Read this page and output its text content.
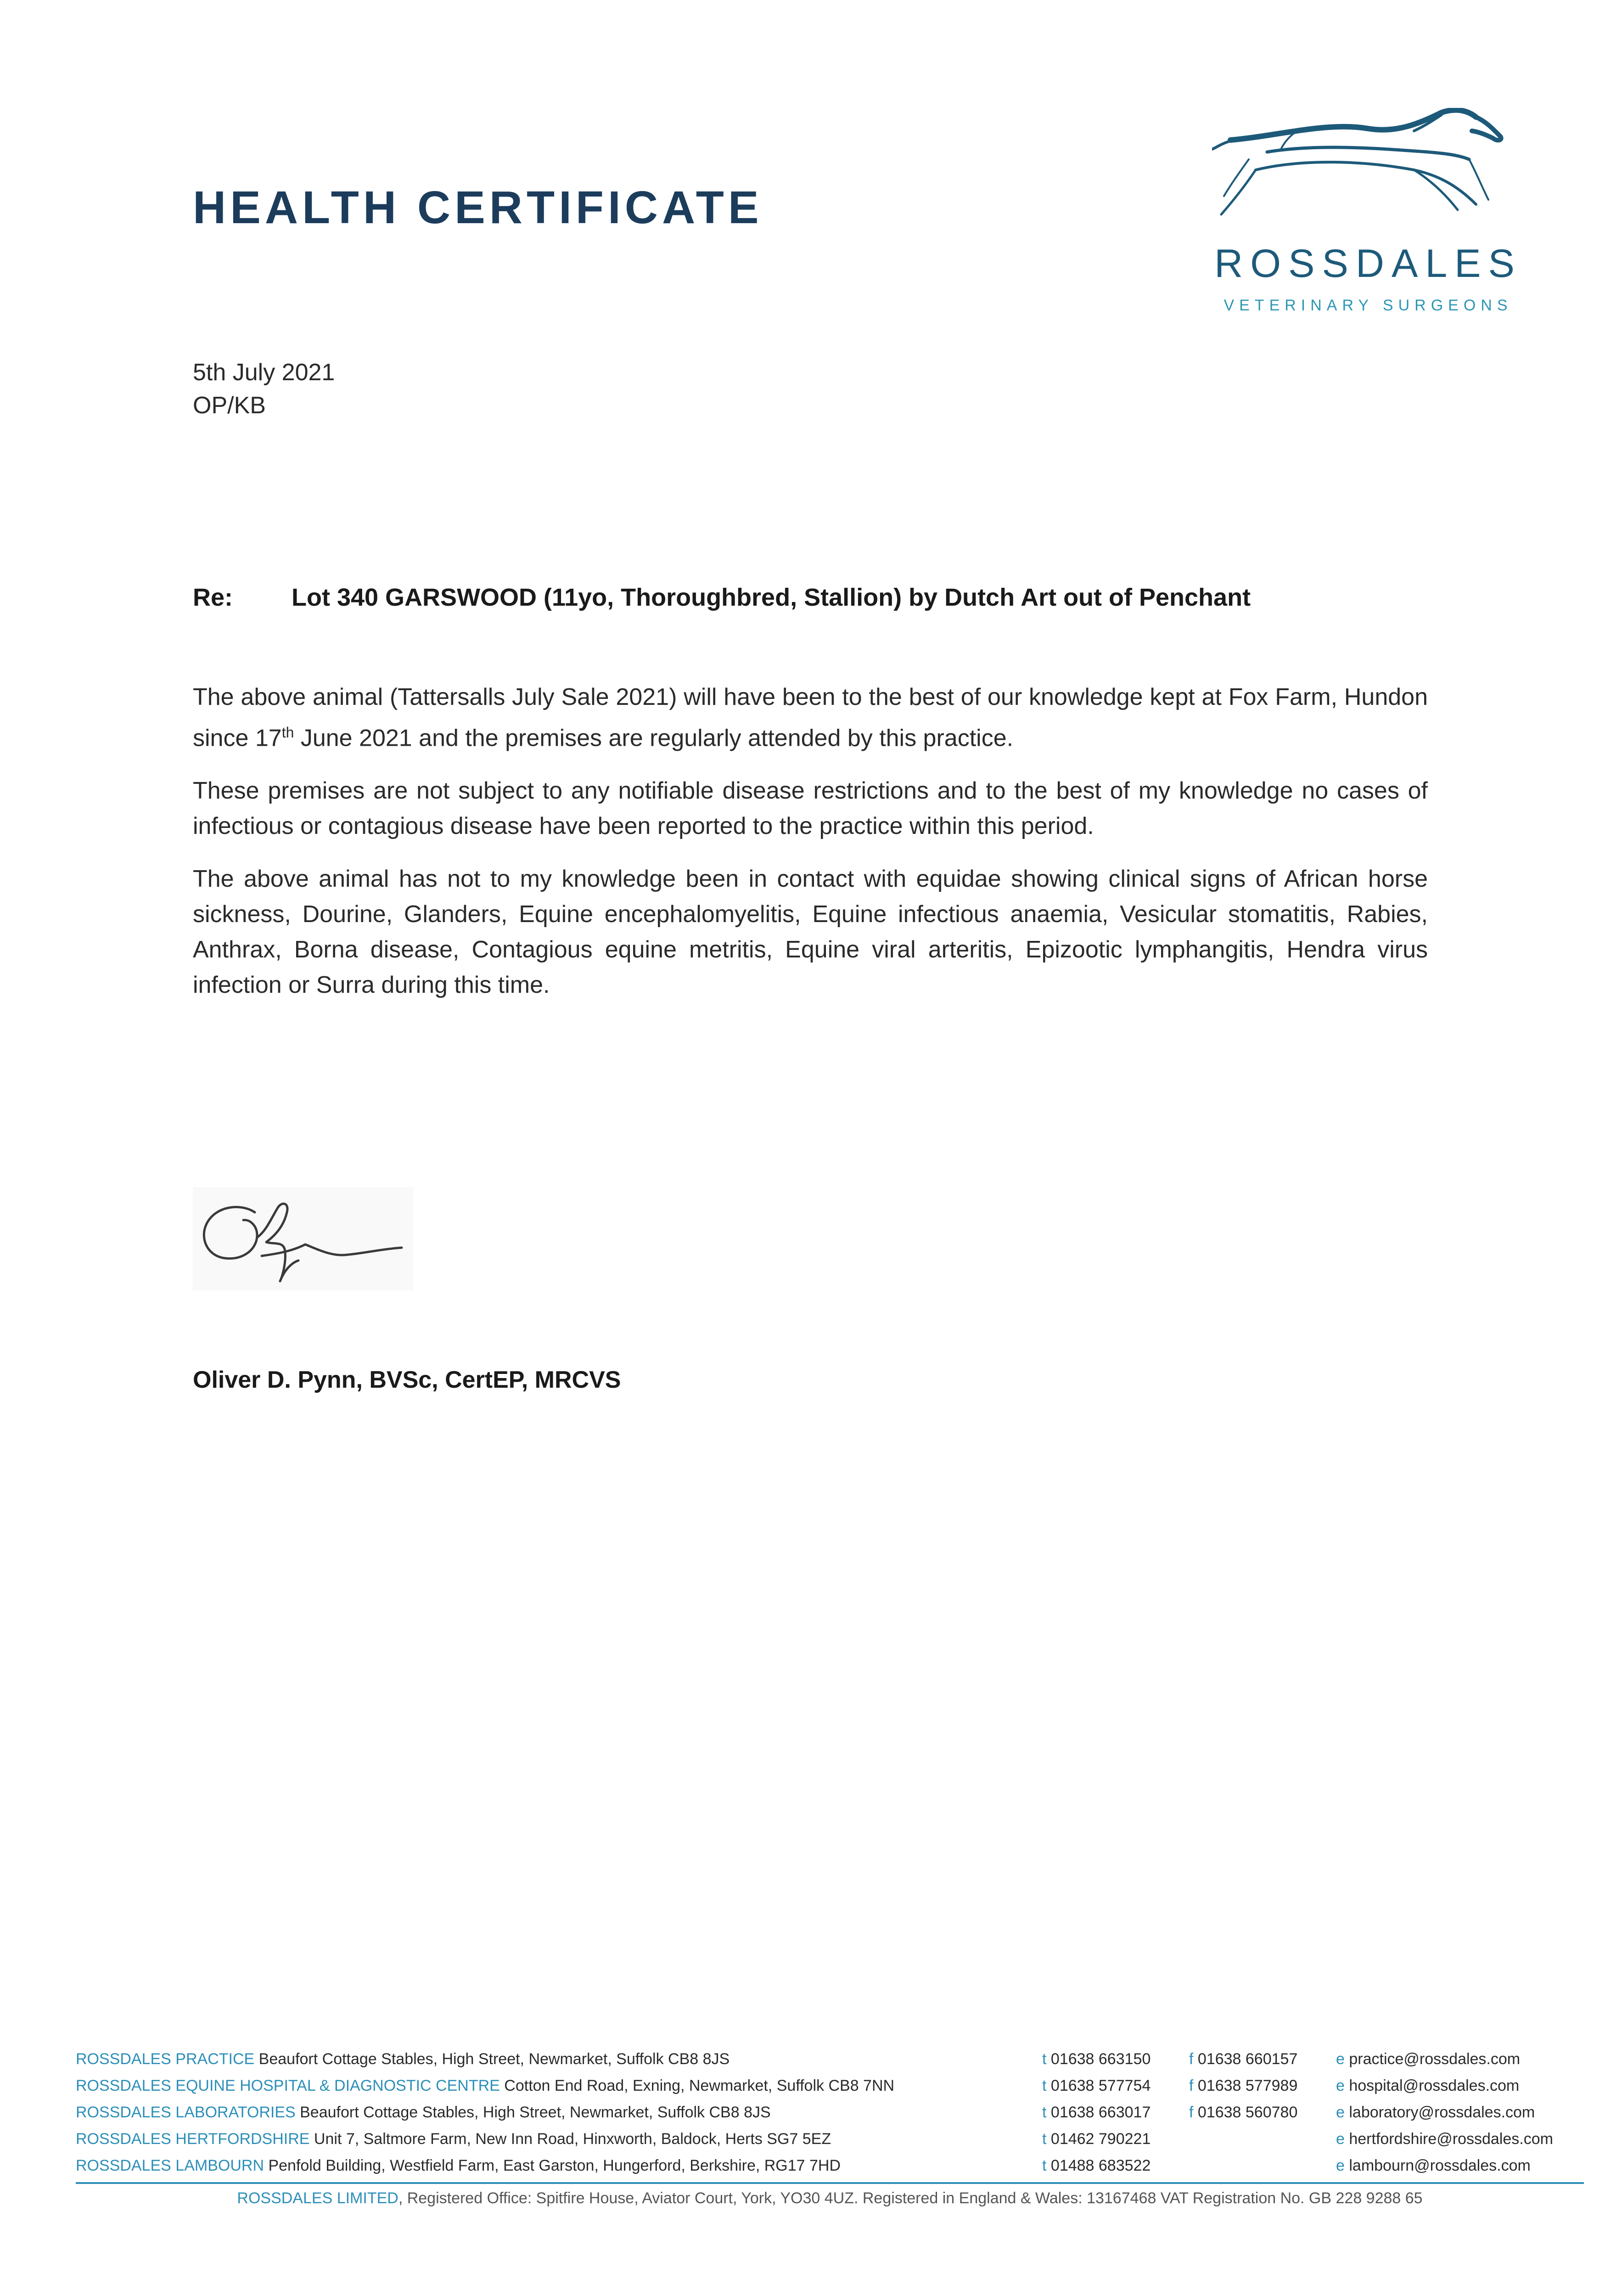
HEALTH CERTIFICATE
ROSSDALES
VETERINARY SURGEONS
5th July 2021
OP/KB
Re: Lot 340 GARSWOOD (11yo, Thoroughbred, Stallion) by Dutch Art out of Penchant

The above animal (Tattersalls July Sale 2021) will have been to the best of our knowledge kept at Fox Farm, Hundon since 17th June 2021 and the premises are regularly attended by this practice.

These premises are not subject to any notifiable disease restrictions and to the best of my knowledge no cases of infectious or contagious disease have been reported to the practice within this period.

The above animal has not to my knowledge been in contact with equidae showing clinical signs of African horse sickness, Dourine, Glanders, Equine encephalomyelitis, Equine infectious anaemia, Vesicular stomatitis, Rabies, Anthrax, Borna disease, Contagious equine metritis, Equine viral arteritis, Epizootic lymphangitis, Hendra virus infection or Surra during this time.

Oliver D. Pynn, BVSc, CertEP, MRCVS
ROSSDALES PRACTICE Beaufort Cottage Stables, High Street, Newmarket, Suffolk CB8 8JS	t 01638 663150 f 01638 660157 e practice@rossdales.com
ROSSDALES EQUINE HOSPITAL & DIAGNOSTIC CENTRE Cotton End Road, Exning, Newmarket, Suffolk CB8 7NN	t 01638 577754 f 01638 577989 e hospital@rossdales.com
ROSSDALES LABORATORIES Beaufort Cottage Stables, High Street, Newmarket, Suffolk CB8 8JS	t 01638 663017 f 01638 560780 e laboratory@rossdales.com
ROSSDALES HERTFORDSHIRE Unit 7, Saltmore Farm, New Inn Road, Hinxworth, Baldock, Herts SG7 5EZ	t 01462 790221	e hertfordshire@rossdales.com
ROSSDALES LAMBOURN Penfold Building, Westfield Farm, East Garston, Hungerford, Berkshire, RG17 7HD	t 01488 683522	e lambourn@rossdales.com
ROSSDALES LIMITED, Registered Office: Spitfire House, Aviator Court, York, YO30 4UZ. Registered in England & Wales: 13167468 VAT Registration No. GB 228 9288 65
